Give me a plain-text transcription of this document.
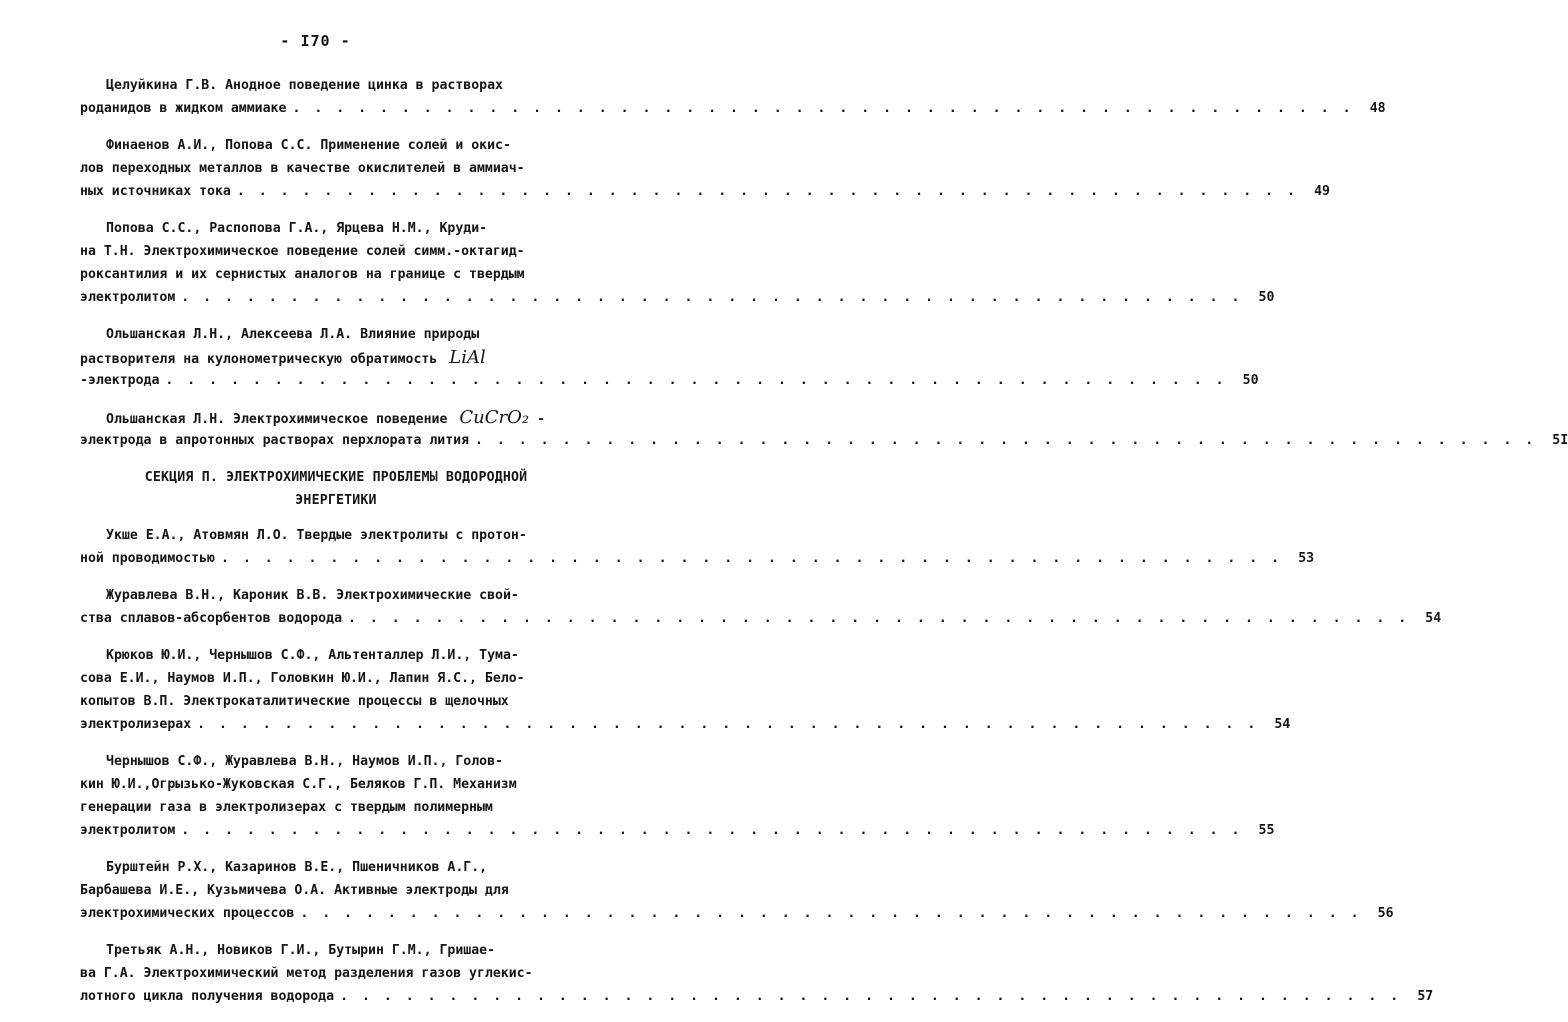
- I70 -
Целуйкина Г.В. Анодное поведение цинка в растворах
роданидов в жидком аммиаке . . . . . . . . . . . . . . . . . . . . . . . . . . . . . . . . . . . . . . . . . . . . . . . . .	48
Финаенов А.И., Попова С.С. Применение солей и окис-
лов переходных металлов в качестве окислителей в аммиач-
ных источниках тока . . . . . . . . . . . . . . . . . . . . . . . . . . . . . . . . . . . . . . . . . . . . . . . . .	49
Попова С.С., Распопова Г.А., Ярцева Н.М., Круди-
на Т.Н. Электрохимическое поведение солей симм.-октагид-
роксантилия и их сернистых аналогов на границе с твердым
электролитом . . . . . . . . . . . . . . . . . . . . . . . . . . . . . . . . . . . . . . . . . . . . . . . . .	50
Ольшанская Л.Н., Алексеева Л.А. Влияние природы
растворителя на кулонометрическую обратимость LiAl
-электрода . . . . . . . . . . . . . . . . . . . . . . . . . . . . . . . . . . . . . . . . . . . . . . . . .	50
Ольшанская Л.Н. Электрохимическое поведение CuCrO₂ -
электрода в апротонных растворах перхлората лития . . . . . . . . . . . . . . . . . . . . . . . . . . . . . . . . . . . . . . . . . . . . . . . . .	5I
СЕКЦИЯ П. ЭЛЕКТРОХИМИЧЕСКИЕ ПРОБЛЕМЫ ВОДОРОДНОЙ
ЭНЕРГЕТИКИ
Укше Е.А., Атовмян Л.О. Твердые электролиты с протон-
ной проводимостью . . . . . . . . . . . . . . . . . . . . . . . . . . . . . . . . . . . . . . . . . . . . . . . . .	53
Журавлева В.Н., Кароник В.В. Электрохимические свой-
ства сплавов-абсорбентов водорода . . . . . . . . . . . . . . . . . . . . . . . . . . . . . . . . . . . . . . . . . . . . . . . . .	54
Крюков Ю.И., Чернышов С.Ф., Альтенталлер Л.И., Тума-
сова Е.И., Наумов И.П., Головкин Ю.И., Лапин Я.С., Бело-
копытов В.П. Электрокаталитические процессы в щелочных
электролизерах . . . . . . . . . . . . . . . . . . . . . . . . . . . . . . . . . . . . . . . . . . . . . . . . .	54
Чернышов С.Ф., Журавлева В.Н., Наумов И.П., Голов-
кин Ю.И.,Огрызько-Жуковская С.Г., Беляков Г.П. Механизм
генерации газа в электролизерах с твердым полимерным
электролитом . . . . . . . . . . . . . . . . . . . . . . . . . . . . . . . . . . . . . . . . . . . . . . . . .	55
Бурштейн Р.Х., Казаринов В.Е., Пшеничников А.Г.,
Барбашева И.Е., Кузьмичева О.А. Активные электроды для
электрохимических процессов . . . . . . . . . . . . . . . . . . . . . . . . . . . . . . . . . . . . . . . . . . . . . . . . .	56
Третьяк А.Н., Новиков Г.И., Бутырин Г.М., Гришае-
ва Г.А. Электрохимический метод разделения газов углекис-
лотного цикла получения водорода . . . . . . . . . . . . . . . . . . . . . . . . . . . . . . . . . . . . . . . . . . . . . . . . .	57
